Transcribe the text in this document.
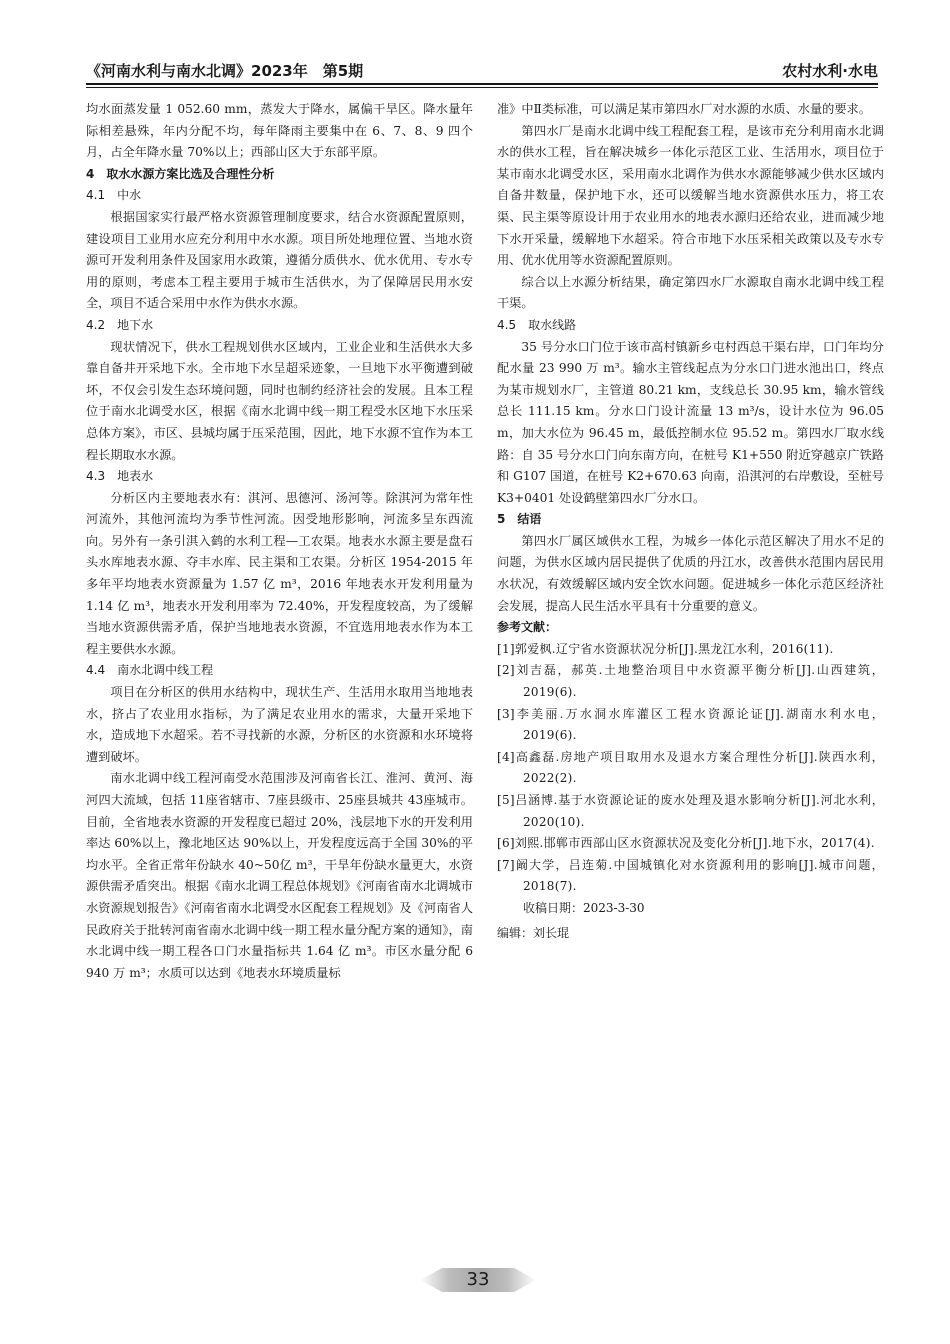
《河南水利与南水北调》2023年　第5期	农村水利·水电

均水面蒸发量 1 052.60 mm，蒸发大于降水，属偏干旱区。降水量年际相差悬殊，年内分配不均，每年降雨主要集中在 6、7、8、9 四个月，占全年降水量 70%以上；西部山区大于东部平原。

4　取水水源方案比选及合理性分析

4.1　中水

根据国家实行最严格水资源管理制度要求，结合水资源配置原则，建设项目工业用水应充分利用中水水源。项目所处地理位置、当地水资源可开发利用条件及国家用水政策，遵循分质供水、优水优用、专水专用的原则，考虑本工程主要用于城市生活供水，为了保障居民用水安全，项目不适合采用中水作为供水水源。

4.2　地下水

现状情况下，供水工程规划供水区域内，工业企业和生活供水大多靠自备井开采地下水。全市地下水呈超采迹象，一旦地下水平衡遭到破坏，不仅会引发生态环境问题，同时也制约经济社会的发展。且本工程位于南水北调受水区，根据《南水北调中线一期工程受水区地下水压采总体方案》，市区、县城均属于压采范围，因此，地下水源不宜作为本工程长期取水水源。

4.3　地表水

分析区内主要地表水有：淇河、思德河、汤河等。除淇河为常年性河流外，其他河流均为季节性河流。因受地形影响，河流多呈东西流向。另外有一条引淇入鹤的水利工程—工农渠。地表水水源主要是盘石头水库地表水源、夺丰水库、民主渠和工农渠。分析区 1954-2015 年多年平均地表水资源量为 1.57 亿 m³，2016 年地表水开发利用量为 1.14 亿 m³，地表水开发利用率为 72.40%，开发程度较高，为了缓解当地水资源供需矛盾，保护当地地表水资源，不宜选用地表水作为本工程主要供水水源。

4.4　南水北调中线工程

项目在分析区的供用水结构中，现状生产、生活用水取用当地地表水，挤占了农业用水指标，为了满足农业用水的需求，大量开采地下水，造成地下水超采。若不寻找新的水源，分析区的水资源和水环境将遭到破坏。

南水北调中线工程河南受水范围涉及河南省长江、淮河、黄河、海河四大流域，包括 11座省辖市、7座县级市、25座县城共 43座城市。目前，全省地表水资源的开发程度已超过 20%，浅层地下水的开发利用率达 60%以上，豫北地区达 90%以上，开发程度远高于全国 30%的平均水平。全省正常年份缺水 40~50亿 m³，干旱年份缺水量更大，水资源供需矛盾突出。根据《南水北调工程总体规划》《河南省南水北调城市水资源规划报告》《河南省南水北调受水区配套工程规划》及《河南省人民政府关于批转河南省南水北调中线一期工程水量分配方案的通知》，南水北调中线一期工程各口门水量指标共 1.64 亿 m³。市区水量分配 6 940 万 m³；水质可以达到《地表水环境质量标

准》中Ⅱ类标准，可以满足某市第四水厂对水源的水质、水量的要求。

第四水厂是南水北调中线工程配套工程，是该市充分利用南水北调水的供水工程，旨在解决城乡一体化示范区工业、生活用水，项目位于某市南水北调受水区，采用南水北调作为供水水源能够减少供水区域内自备井数量，保护地下水，还可以缓解当地水资源供水压力，将工农渠、民主渠等原设计用于农业用水的地表水源归还给农业，进而减少地下水开采量，缓解地下水超采。符合市地下水压采相关政策以及专水专用、优水优用等水资源配置原则。

综合以上水源分析结果，确定第四水厂水源取自南水北调中线工程干渠。

4.5　取水线路

35 号分水口门位于该市高村镇新乡屯村西总干渠右岸，口门年均分配水量 23 990 万 m³。输水主管线起点为分水口门进水池出口，终点为某市规划水厂，主管道 80.21 km，支线总长 30.95 km，输水管线总长 111.15 km。分水口门设计流量 13 m³/s，设计水位为 96.05 m，加大水位为 96.45 m，最低控制水位 95.52 m。第四水厂取水线路：自 35 号分水口门向东南方向，在桩号 K1+550 附近穿越京广铁路和 G107 国道，在桩号 K2+670.63 向南，沿淇河的右岸敷设，至桩号 K3+0401 处设鹤壁第四水厂分水口。

5　结语

第四水厂属区域供水工程，为城乡一体化示范区解决了用水不足的问题，为供水区域内居民提供了优质的丹江水，改善供水范围内居民用水状况，有效缓解区域内安全饮水问题。促进城乡一体化示范区经济社会发展，提高人民生活水平具有十分重要的意义。

参考文献：

[1]郭爱枫.辽宁省水资源状况分析[J].黑龙江水利，2016(11).

[2]刘吉磊，郝英.土地整治项目中水资源平衡分析[J].山西建筑，2019(6).

[3]李美丽.万水洞水库灌区工程水资源论证[J].湖南水利水电，2019(6).

[4]高鑫磊.房地产项目取用水及退水方案合理性分析[J].陕西水利，2022(2).

[5]吕涵博.基于水资源论证的废水处理及退水影响分析[J].河北水利，2020(10).

[6]刘熙.邯郸市西部山区水资源状况及变化分析[J].地下水，2017(4).

[7]阚大学，吕连菊.中国城镇化对水资源利用的影响[J].城市问题，2018(7).

收稿日期：2023-3-30

编辑：刘长琨

33
